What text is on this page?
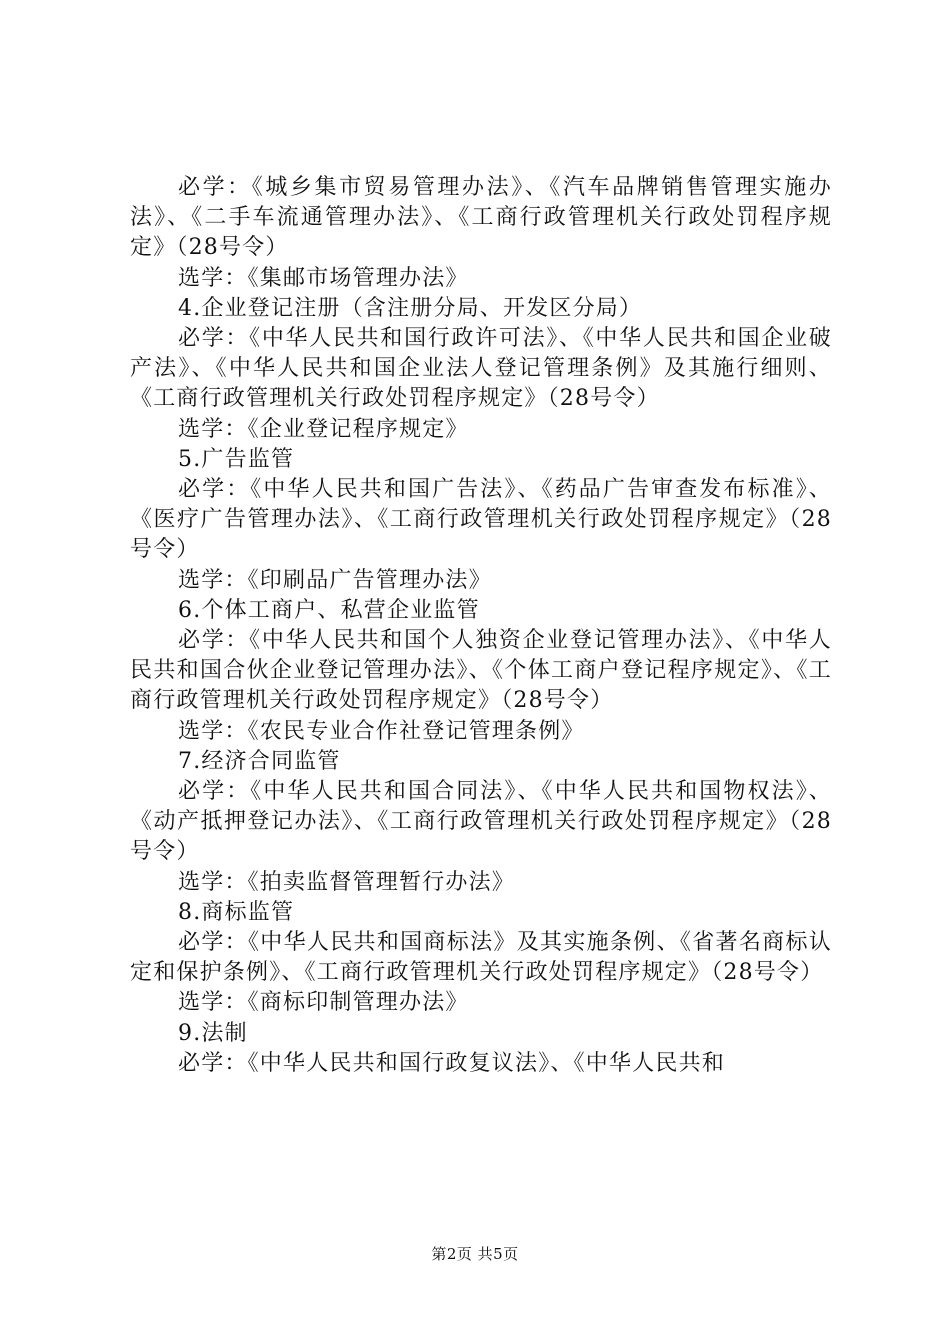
必学：《城乡集市贸易管理办法》、《汽车品牌销售管理实施办法》、《二手车流通管理办法》、《工商行政管理机关行政处罚程序规定》（28号令）

选学：《集邮市场管理办法》

4.企业登记注册（含注册分局、开发区分局）

必学：《中华人民共和国行政许可法》、《中华人民共和国企业破产法》、《中华人民共和国企业法人登记管理条例》及其施行细则、《工商行政管理机关行政处罚程序规定》（28号令）

选学：《企业登记程序规定》

5.广告监管

必学：《中华人民共和国广告法》、《药品广告审查发布标准》、《医疗广告管理办法》、《工商行政管理机关行政处罚程序规定》（28号令）

选学：《印刷品广告管理办法》

6.个体工商户、私营企业监管

必学：《中华人民共和国个人独资企业登记管理办法》、《中华人民共和国合伙企业登记管理办法》、《个体工商户登记程序规定》、《工商行政管理机关行政处罚程序规定》（28号令）

选学：《农民专业合作社登记管理条例》

7.经济合同监管

必学：《中华人民共和国合同法》、《中华人民共和国物权法》、《动产抵押登记办法》、《工商行政管理机关行政处罚程序规定》（28号令）

选学：《拍卖监督管理暂行办法》

8.商标监管

必学：《中华人民共和国商标法》及其实施条例、《省著名商标认定和保护条例》、《工商行政管理机关行政处罚程序规定》（28号令）

选学：《商标印制管理办法》

9.法制

必学：《中华人民共和国行政复议法》、《中华人民共和

第2页 共5页
